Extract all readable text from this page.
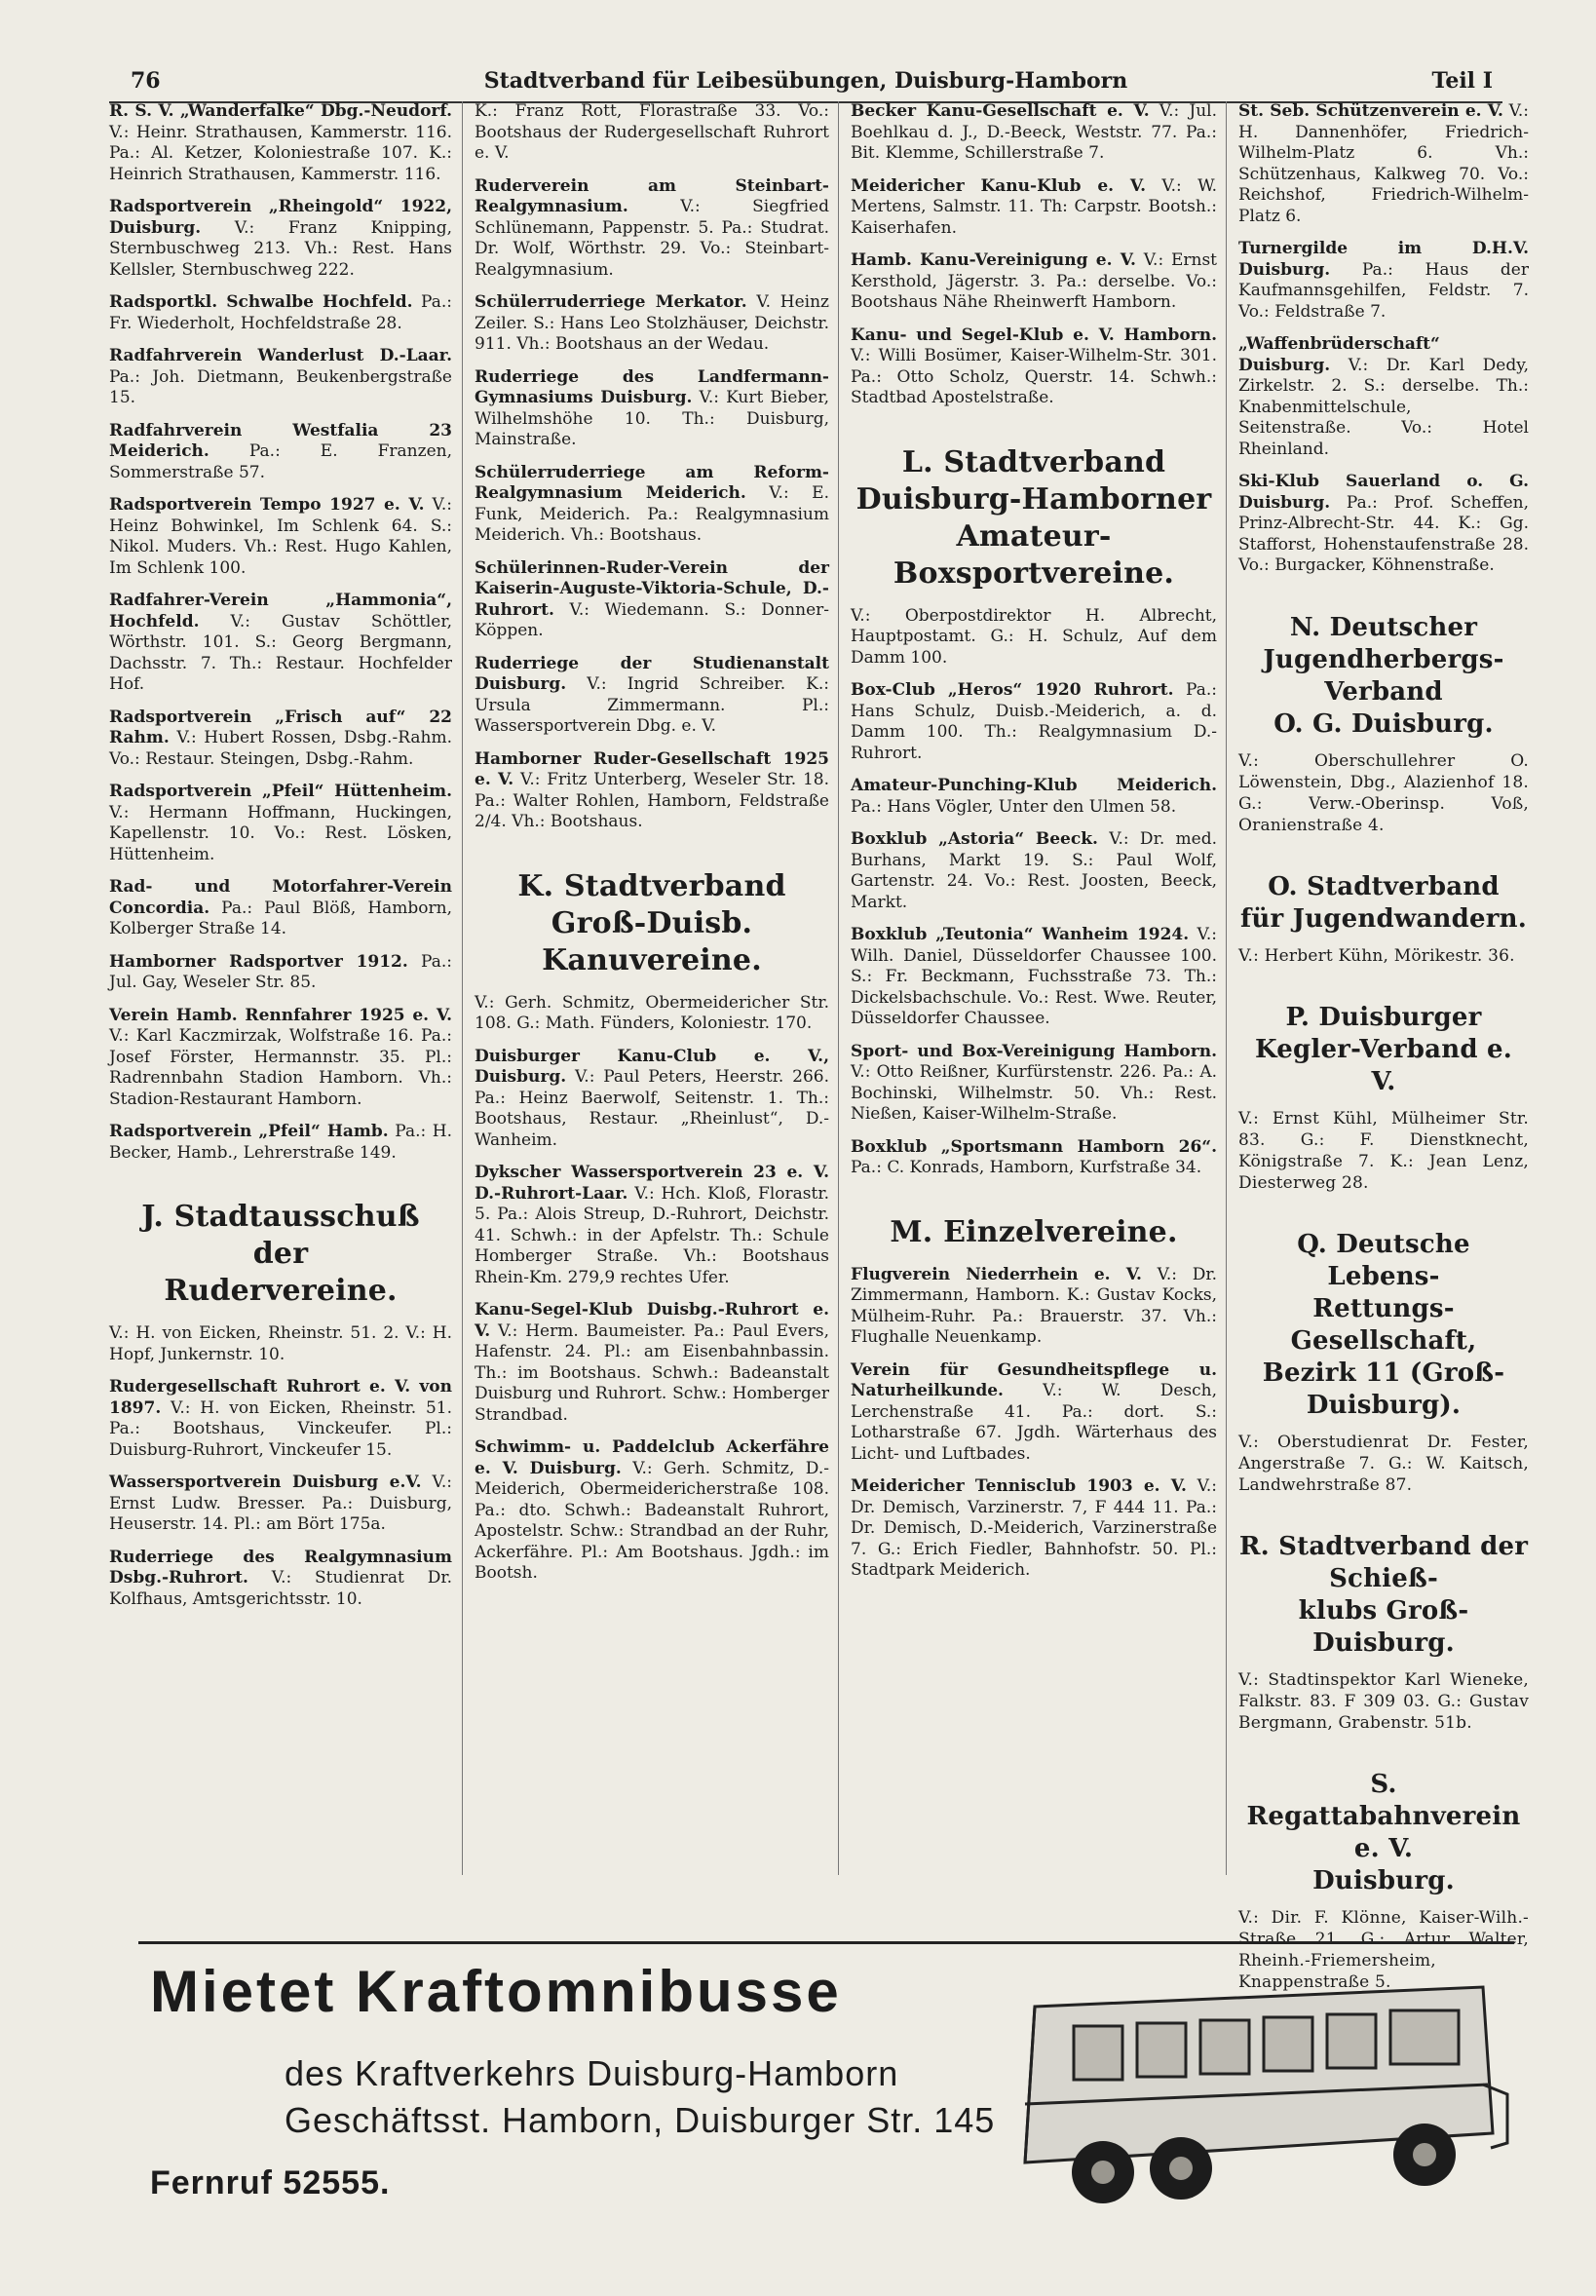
76	Stadtverband für Leibesübungen, Duisburg-Hamborn	Teil I
R. S. V. „Wanderfalke“ Dbg.-Neudorf. V.: Heinr. Strathausen, Kammerstr. 116. Pa.: Al. Ketzer, Koloniestraße 107. K.: Heinrich Strathausen, Kammerstr. 116.
Radsportverein „Rheingold“ 1922, Duisburg. V.: Franz Knipping, Sternbuschweg 213. Vh.: Rest. Hans Kellsler, Sternbuschweg 222.
Radsportkl. Schwalbe Hochfeld. Pa.: Fr. Wiederholt, Hochfeldstraße 28.
Radfahrverein Wanderlust D.-Laar. Pa.: Joh. Dietmann, Beukenbergstraße 15.
Radfahrverein Westfalia 23 Meiderich. Pa.: E. Franzen, Sommerstraße 57.
Radsportverein Tempo 1927 e. V. V.: Heinz Bohwinkel, Im Schlenk 64. S.: Nikol. Muders. Vh.: Rest. Hugo Kahlen, Im Schlenk 100.
Radfahrer-Verein „Hammonia“, Hochfeld. V.: Gustav Schöttler, Wörthstr. 101. S.: Georg Bergmann, Dachsstr. 7. Th.: Restaur. Hochfelder Hof.
Radsportverein „Frisch auf“ 22 Rahm. V.: Hubert Rossen, Dsbg.-Rahm. Vo.: Restaur. Steingen, Dsbg.-Rahm.
Radsportverein „Pfeil“ Hüttenheim. V.: Hermann Hoffmann, Huckingen, Kapellenstr. 10. Vo.: Rest. Lösken, Hüttenheim.
Rad- und Motorfahrer-Verein Concordia. Pa.: Paul Blöß, Hamborn, Kolberger Straße 14.
Hamborner Radsportver 1912. Pa.: Jul. Gay, Weseler Str. 85.
Verein Hamb. Rennfahrer 1925 e. V. V.: Karl Kaczmirzak, Wolfstraße 16. Pa.: Josef Förster, Hermannstr. 35. Pl.: Radrennbahn Stadion Hamborn. Vh.: Stadion-Restaurant Hamborn.
Radsportverein „Pfeil“ Hamb. Pa.: H. Becker, Hamb., Lehrerstraße 149.
J. Stadtausschuß der
Rudervereine.
V.: H. von Eicken, Rheinstr. 51. 2. V.: H. Hopf, Junkernstr. 10.
Rudergesellschaft Ruhrort e. V. von 1897. V.: H. von Eicken, Rheinstr. 51. Pa.: Bootshaus, Vinckeufer. Pl.: Duisburg-Ruhrort, Vinckeufer 15.
Wassersportverein Duisburg e.V. V.: Ernst Ludw. Bresser. Pa.: Duisburg, Heuserstr. 14. Pl.: am Bört 175a.
Ruderriege des Realgymnasium Dsbg.-Ruhrort. V.: Studienrat Dr. Kolfhaus, Amtsgerichtsstr. 10.
K.: Franz Rott, Florastraße 33. Vo.: Bootshaus der Rudergesellschaft Ruhrort e. V.
Ruderverein am Steinbart-Realgymnasium. V.: Siegfried Schlünemann, Pappenstr. 5. Pa.: Studrat. Dr. Wolf, Wörthstr. 29. Vo.: Steinbart-Realgymnasium.
Schülerruderriege Merkator. V. Heinz Zeiler. S.: Hans Leo Stolzhäuser, Deichstr. 911. Vh.: Bootshaus an der Wedau.
Ruderriege des Landfermann-Gymnasiums Duisburg. V.: Kurt Bieber, Wilhelmshöhe 10. Th.: Duisburg, Mainstraße.
Schülerruderriege am Reform-Realgymnasium Meiderich. V.: E. Funk, Meiderich. Pa.: Realgymnasium Meiderich. Vh.: Bootshaus.
Schülerinnen-Ruder-Verein der Kaiserin-Auguste-Viktoria-Schule, D.-Ruhrort. V.: Wiedemann. S.: Donner-Köppen.
Ruderriege der Studienanstalt Duisburg. V.: Ingrid Schreiber. K.: Ursula Zimmermann. Pl.: Wassersportverein Dbg. e. V.
Hamborner Ruder-Gesellschaft 1925 e. V. V.: Fritz Unterberg, Weseler Str. 18. Pa.: Walter Rohlen, Hamborn, Feldstraße 2/4. Vh.: Bootshaus.
K. Stadtverband
Groß-Duisb. Kanuvereine.
V.: Gerh. Schmitz, Obermeidericher Str. 108. G.: Math. Fünders, Koloniestr. 170.
Duisburger Kanu-Club e. V., Duisburg. V.: Paul Peters, Heerstr. 266. Pa.: Heinz Baerwolf, Seitenstr. 1. Th.: Bootshaus, Restaur. „Rheinlust“, D.-Wanheim.
Dykscher Wassersportverein 23 e. V. D.-Ruhrort-Laar. V.: Hch. Kloß, Florastr. 5. Pa.: Alois Streup, D.-Ruhrort, Deichstr. 41. Schwh.: in der Apfelstr. Th.: Schule Homberger Straße. Vh.: Bootshaus Rhein-Km. 279,9 rechtes Ufer.
Kanu-Segel-Klub Duisbg.-Ruhrort e. V. V.: Herm. Baumeister. Pa.: Paul Evers, Hafenstr. 24. Pl.: am Eisenbahnbassin. Th.: im Bootshaus. Schwh.: Badeanstalt Duisburg und Ruhrort. Schw.: Homberger Strandbad.
Schwimm- u. Paddelclub Ackerfähre e. V. Duisburg. V.: Gerh. Schmitz, D.-Meiderich, Obermeidericherstraße 108. Pa.: dto. Schwh.: Badeanstalt Ruhrort, Apostelstr. Schw.: Strandbad an der Ruhr, Ackerfähre. Pl.: Am Bootshaus. Jgdh.: im Bootsh.
Becker Kanu-Gesellschaft e. V. V.: Jul. Boehlkau d. J., D.-Beeck, Weststr. 77. Pa.: Bit. Klemme, Schillerstraße 7.
Meidericher Kanu-Klub e. V. V.: W. Mertens, Salmstr. 11. Th: Carpstr. Bootsh.: Kaiserhafen.
Hamb. Kanu-Vereinigung e. V. V.: Ernst Kersthold, Jägerstr. 3. Pa.: derselbe. Vo.: Bootshaus Nähe Rheinwerft Hamborn.
Kanu- und Segel-Klub e. V. Hamborn. V.: Willi Bosümer, Kaiser-Wilhelm-Str. 301. Pa.: Otto Scholz, Querstr. 14. Schwh.: Stadtbad Apostelstraße.
L. Stadtverband
Duisburg-Hamborner
Amateur-Boxsportvereine.
V.: Oberpostdirektor H. Albrecht, Hauptpostamt. G.: H. Schulz, Auf dem Damm 100.
Box-Club „Heros“ 1920 Ruhrort. Pa.: Hans Schulz, Duisb.-Meiderich, a. d. Damm 100. Th.: Realgymnasium D.-Ruhrort.
Amateur-Punching-Klub Meiderich. Pa.: Hans Vögler, Unter den Ulmen 58.
Boxklub „Astoria“ Beeck. V.: Dr. med. Burhans, Markt 19. S.: Paul Wolf, Gartenstr. 24. Vo.: Rest. Joosten, Beeck, Markt.
Boxklub „Teutonia“ Wanheim 1924. V.: Wilh. Daniel, Düsseldorfer Chaussee 100. S.: Fr. Beckmann, Fuchsstraße 73. Th.: Dickelsbachschule. Vo.: Rest. Wwe. Reuter, Düsseldorfer Chaussee.
Sport- und Box-Vereinigung Hamborn. V.: Otto Reißner, Kurfürstenstr. 226. Pa.: A. Bochinski, Wilhelmstr. 50. Vh.: Rest. Nießen, Kaiser-Wilhelm-Straße.
Boxklub „Sportsmann Hamborn 26“. Pa.: C. Konrads, Hamborn, Kurfstraße 34.
M. Einzelvereine.
Flugverein Niederrhein e. V. V.: Dr. Zimmermann, Hamborn. K.: Gustav Kocks, Mülheim-Ruhr. Pa.: Brauerstr. 37. Vh.: Flughalle Neuenkamp.
Verein für Gesundheitspflege u. Naturheilkunde. V.: W. Desch, Lerchenstraße 41. Pa.: dort. S.: Lotharstraße 67. Jgdh. Wärterhaus des Licht- und Luftbades.
Meidericher Tennisclub 1903 e. V. V.: Dr. Demisch, Varzinerstr. 7, F 444 11. Pa.: Dr. Demisch, D.-Meiderich, Varzinerstraße 7. G.: Erich Fiedler, Bahnhofstr. 50. Pl.: Stadtpark Meiderich.
St. Seb. Schützenverein e. V. V.: H. Dannenhöfer, Friedrich-Wilhelm-Platz 6. Vh.: Schützenhaus, Kalkweg 70. Vo.: Reichshof, Friedrich-Wilhelm-Platz 6.
Turnergilde im D.H.V. Duisburg. Pa.: Haus der Kaufmannsgehilfen, Feldstr. 7. Vo.: Feldstraße 7.
„Waffenbrüderschaft“ Duisburg. V.: Dr. Karl Dedy, Zirkelstr. 2. S.: derselbe. Th.: Knabenmittelschule, Seitenstraße. Vo.: Hotel Rheinland.
Ski-Klub Sauerland o. G. Duisburg. Pa.: Prof. Scheffen, Prinz-Albrecht-Str. 44. K.: Gg. Stafforst, Hohenstaufenstraße 28. Vo.: Burgacker, Köhnenstraße.
N. Deutscher
Jugendherbergs-Verband
O. G. Duisburg.
V.: Oberschullehrer O. Löwenstein, Dbg., Alazienhof 18. G.: Verw.-Oberinsp. Voß, Oranienstraße 4.
O. Stadtverband
für Jugendwandern.
V.: Herbert Kühn, Mörikestr. 36.
P. Duisburger
Kegler-Verband e. V.
V.: Ernst Kühl, Mülheimer Str. 83. G.: F. Dienstknecht, Königstraße 7. K.: Jean Lenz, Diesterweg 28.
Q. Deutsche Lebens-
Rettungs-Gesellschaft,
Bezirk 11 (Groß-Duisburg).
V.: Oberstudienrat Dr. Fester, Angerstraße 7. G.: W. Kaitsch, Landwehrstraße 87.
R. Stadtverband der Schieß-
klubs Groß-Duisburg.
V.: Stadtinspektor Karl Wieneke, Falkstr. 83. F 309 03. G.: Gustav Bergmann, Grabenstr. 51b.
S. Regattabahnverein e. V.
Duisburg.
V.: Dir. F. Klönne, Kaiser-Wilh.-Straße 21. G.: Artur Walter, Rheinh.-Friemersheim, Knappenstraße 5.
Mietet Kraftomnibusse
des Kraftverkehrs Duisburg-Hamborn
Geschäftsst. Hamborn, Duisburger Str. 145
Fernruf 52555.
